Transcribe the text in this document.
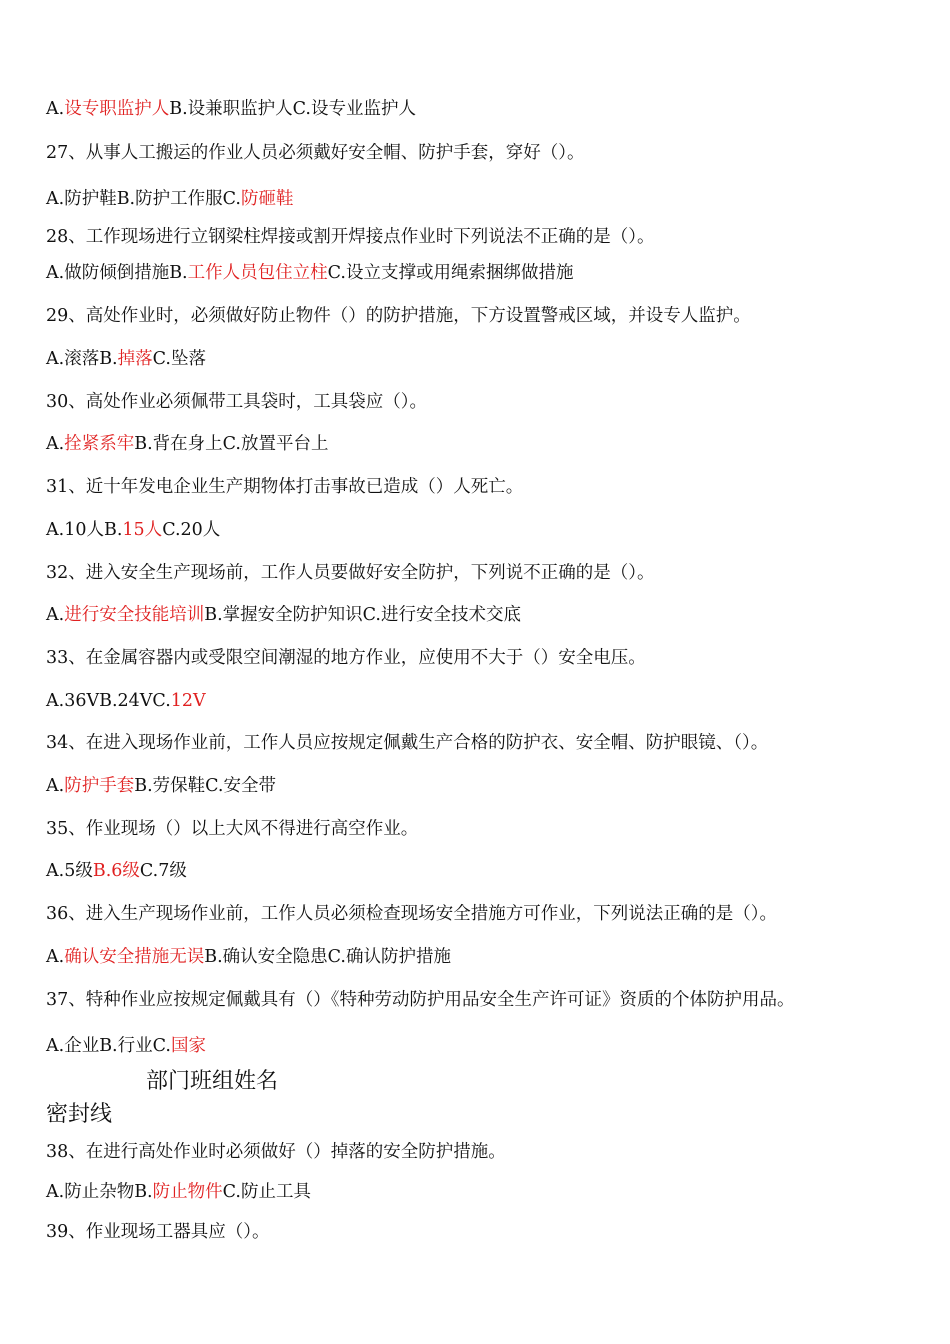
A.设专职监护人B.设兼职监护人C.设专业监护人
27、从事人工搬运的作业人员必须戴好安全帽、防护手套，穿好（）。
A.防护鞋B.防护工作服C.防砸鞋
28、工作现场进行立钢梁柱焊接或割开焊接点作业时下列说法不正确的是（）。
A.做防倾倒措施B.工作人员包住立柱C.设立支撑或用绳索捆绑做措施
29、高处作业时，必须做好防止物件（）的防护措施，下方设置警戒区域，并设专人监护。
A.滚落B.掉落C.坠落
30、高处作业必须佩带工具袋时，工具袋应（）。
A.拴紧系牢B.背在身上C.放置平台上
31、近十年发电企业生产期物体打击事故已造成（）人死亡。
A.10人B.15人C.20人
32、进入安全生产现场前，工作人员要做好安全防护，下列说不正确的是（）。
A.进行安全技能培训B.掌握安全防护知识C.进行安全技术交底
33、在金属容器内或受限空间潮湿的地方作业，应使用不大于（）安全电压。
A.36VB.24VC.12V
34、在进入现场作业前，工作人员应按规定佩戴生产合格的防护衣、安全帽、防护眼镜、（）。
A.防护手套B.劳保鞋C.安全带
35、作业现场（）以上大风不得进行高空作业。
A.5级B.6级C.7级
36、进入生产现场作业前，工作人员必须检查现场安全措施方可作业，下列说法正确的是（）。
A.确认安全措施无误B.确认安全隐患C.确认防护措施
37、特种作业应按规定佩戴具有（）《特种劳动防护用品安全生产许可证》资质的个体防护用品。
A.企业B.行业C.国家
部门班组姓名
密封线
38、在进行高处作业时必须做好（）掉落的安全防护措施。
A.防止杂物B.防止物件C.防止工具
39、作业现场工器具应（）。
